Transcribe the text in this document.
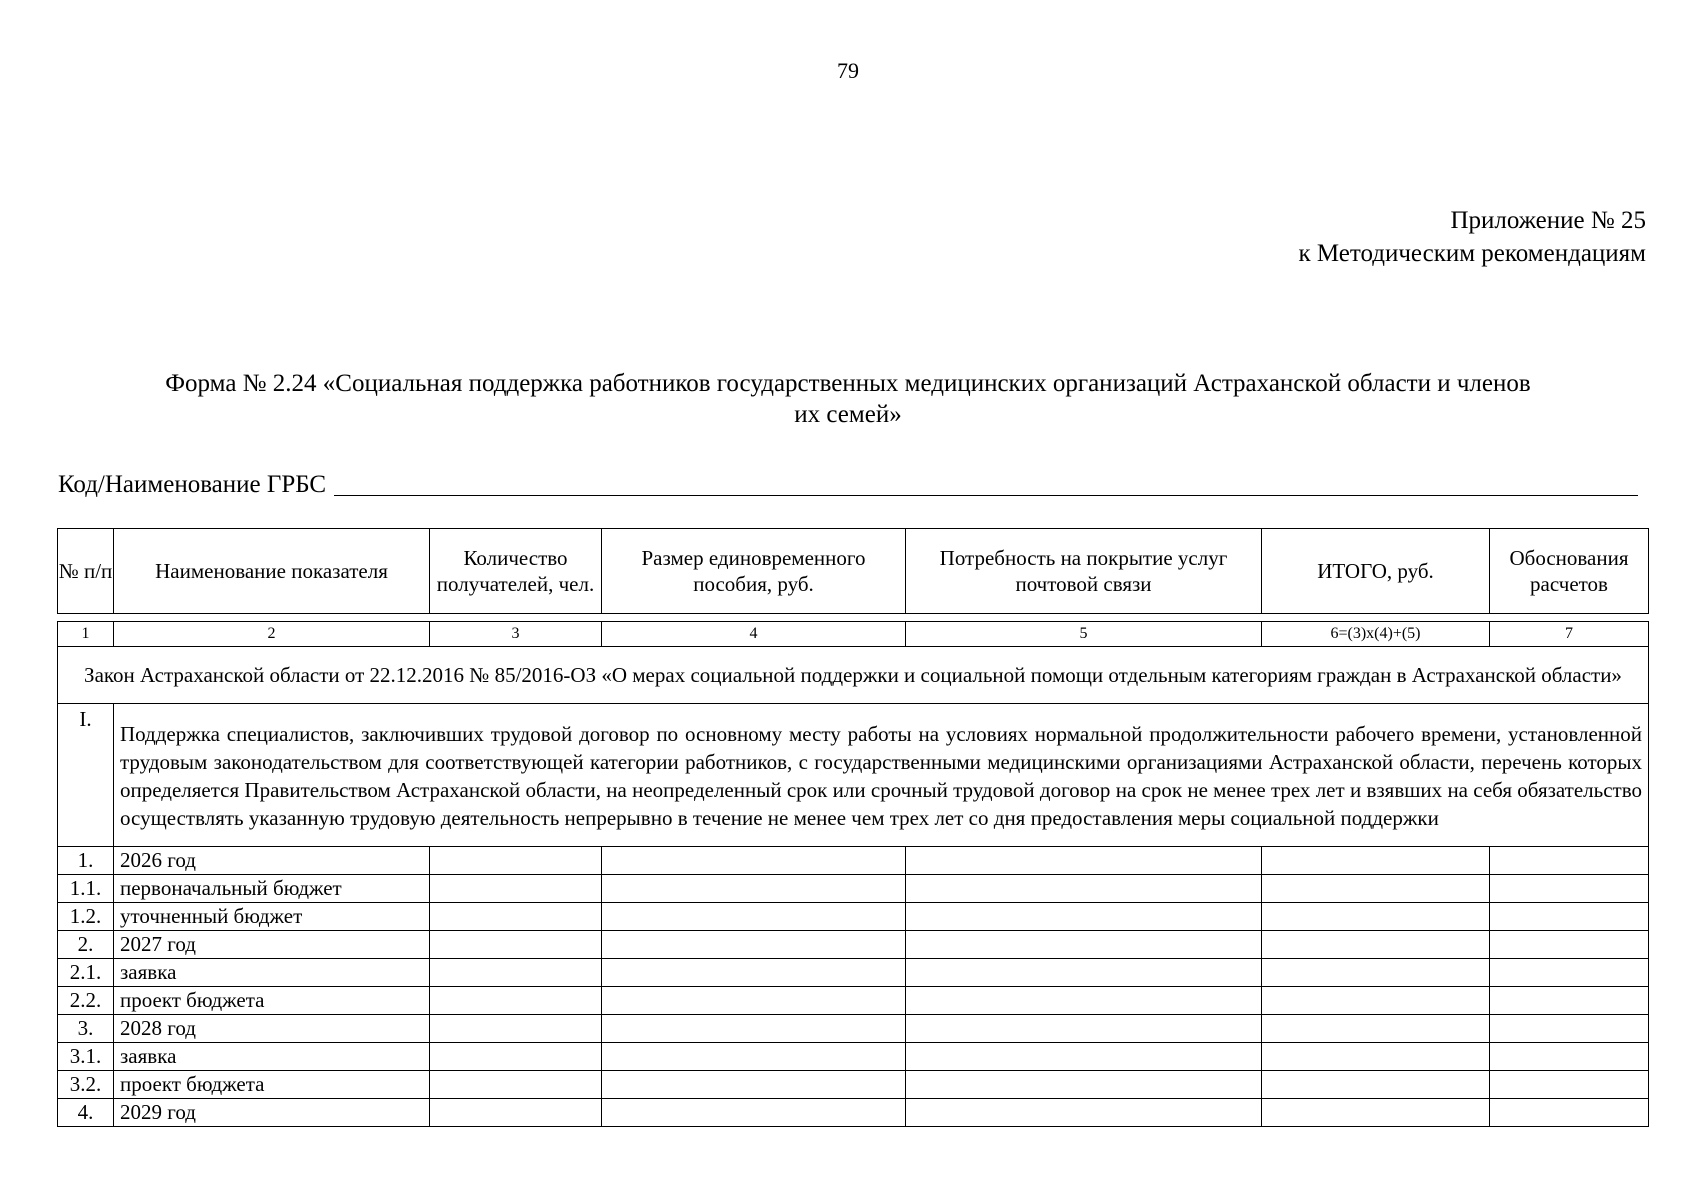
79
Приложение № 25
к Методическим рекомендациям
Форма № 2.24 «Социальная поддержка работников государственных медицинских организаций Астраханской области и членов
их семей»
Код/Наименование ГРБС
№ п/п	Наименование показателя	Количество получателей, чел.	Размер единовременного пособия, руб.	Потребность на покрытие услуг почтовой связи	ИТОГО, руб.	Обоснования расчетов
1	2	3	4	5	6=(3)х(4)+(5)	7
Закон Астраханской области от 22.12.2016 № 85/2016-ОЗ «О мерах социальной поддержки и социальной помощи отдельным категориям граждан в Астраханской области»						
I.	Поддержка специалистов, заключивших трудовой договор по основному месту работы на условиях нормальной продолжительности рабочего времени, установленной трудовым законодательством для соответствующей категории работников, с государственными медицинскими организациями Астраханской области, перечень которых определяется Правительством Астраханской области, на неопределенный срок или срочный трудовой договор на срок не менее трех лет и взявших на себя обязательство осуществлять указанную трудовую деятельность непрерывно в течение не менее чем трех лет со дня предоставления меры социальной поддержки					
1.	2026 год					
1.1.	первоначальный бюджет					
1.2.	уточненный бюджет					
2.	2027 год					
2.1.	заявка					
2.2.	проект бюджета					
3.	2028 год					
3.1.	заявка					
3.2.	проект бюджета					
4.	2029 год					
